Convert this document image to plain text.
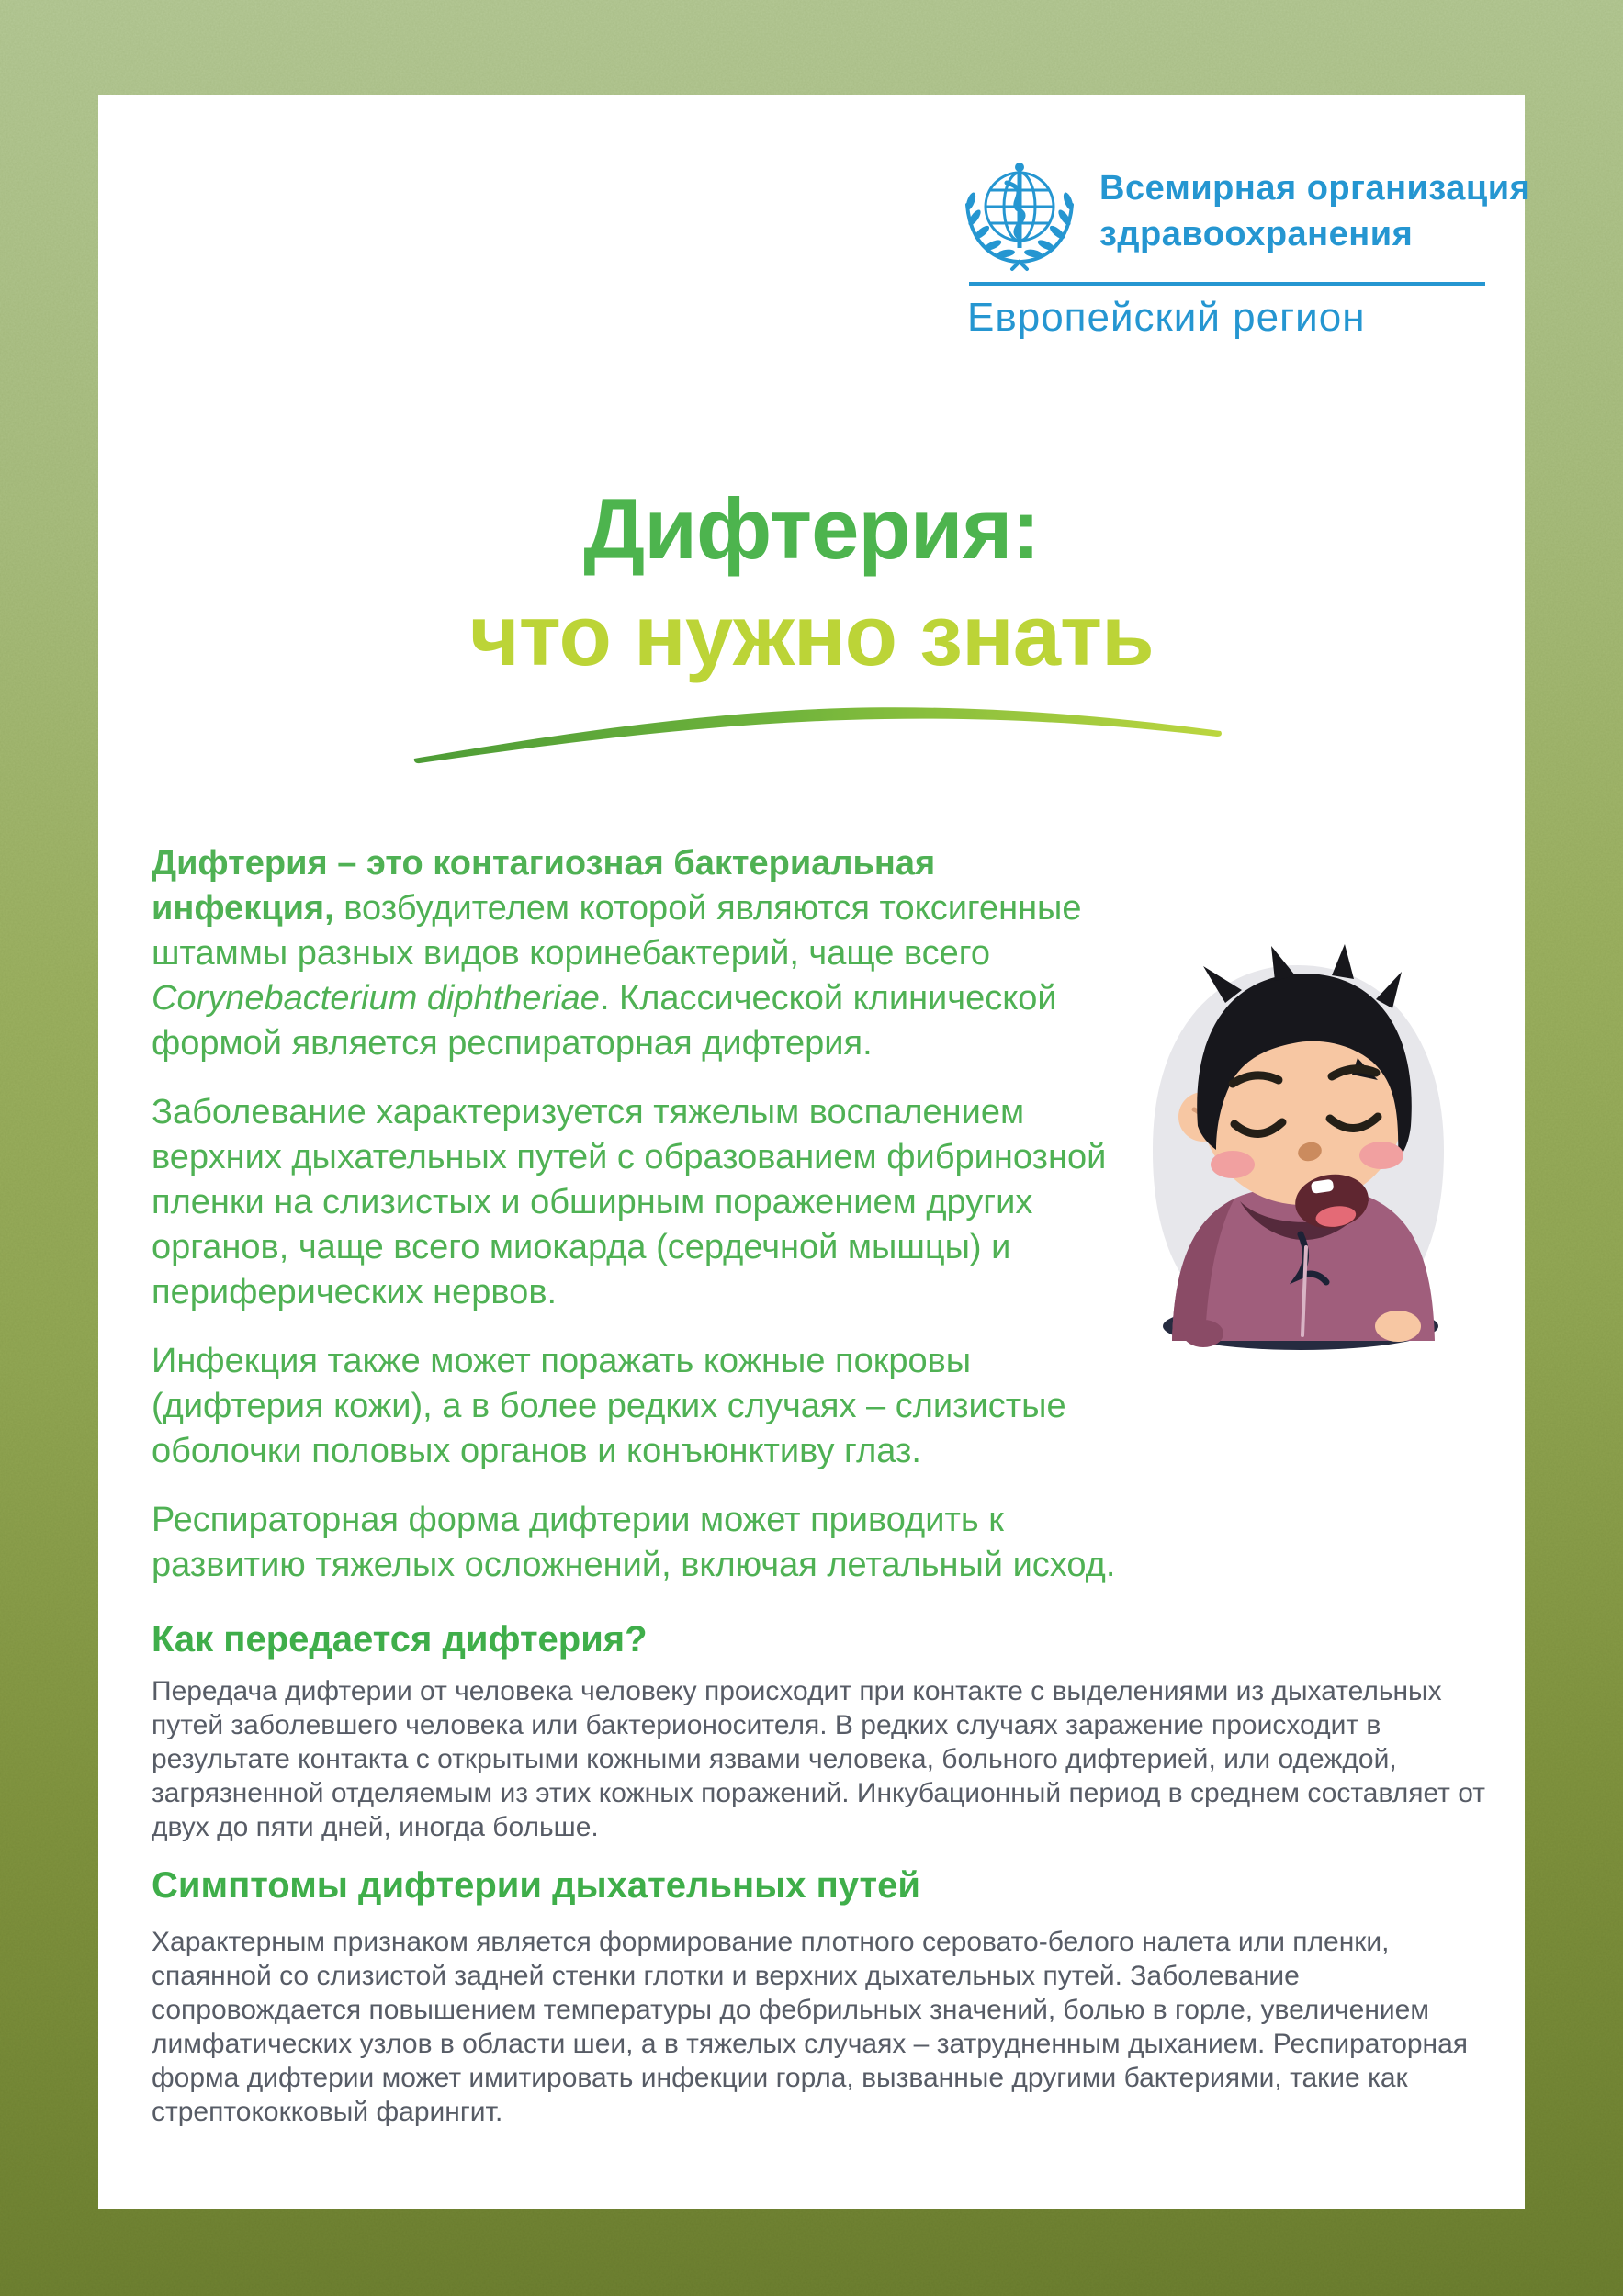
Всемирная организация
здравоохранения
Европейский регион
Дифтерия:
что нужно знать

Дифтерия – это контагиозная бактериальная инфекция, возбудителем которой являются токсигенные штаммы разных видов коринебактерий, чаще всего Corynebacterium diphtheriae. Классической клинической формой является респираторная дифтерия.

Заболевание характеризуется тяжелым воспалением верхних дыхательных путей с образованием фибринозной пленки на слизистых и обширным поражением других органов, чаще всего миокарда (сердечной мышцы) и периферических нервов.

Инфекция также может поражать кожные покровы (дифтерия кожи), а в более редких случаях – слизистые оболочки половых органов и конъюнктиву глаз.

Респираторная форма дифтерии может приводить к развитию тяжелых осложнений, включая летальный исход.

Как передается дифтерия?
Передача дифтерии от человека человеку происходит при контакте с выделениями из дыхательных путей заболевшего человека или бактерионосителя. В редких случаях заражение происходит в результате контакта с открытыми кожными язвами человека, больного дифтерией, или одеждой, загрязненной отделяемым из этих кожных поражений. Инкубационный период в среднем составляет от двух до пяти дней, иногда больше.
Симптомы дифтерии дыхательных путей
Характерным признаком является формирование плотного серовато-белого налета или пленки, спаянной со слизистой задней стенки глотки и верхних дыхательных путей. Заболевание сопровождается повышением температуры до фебрильных значений, болью в горле, увеличением лимфатических узлов в области шеи, а в тяжелых случаях – затрудненным дыханием. Респираторная форма дифтерии может имитировать инфекции горла, вызванные другими бактериями, такие как стрептококковый фарингит.
